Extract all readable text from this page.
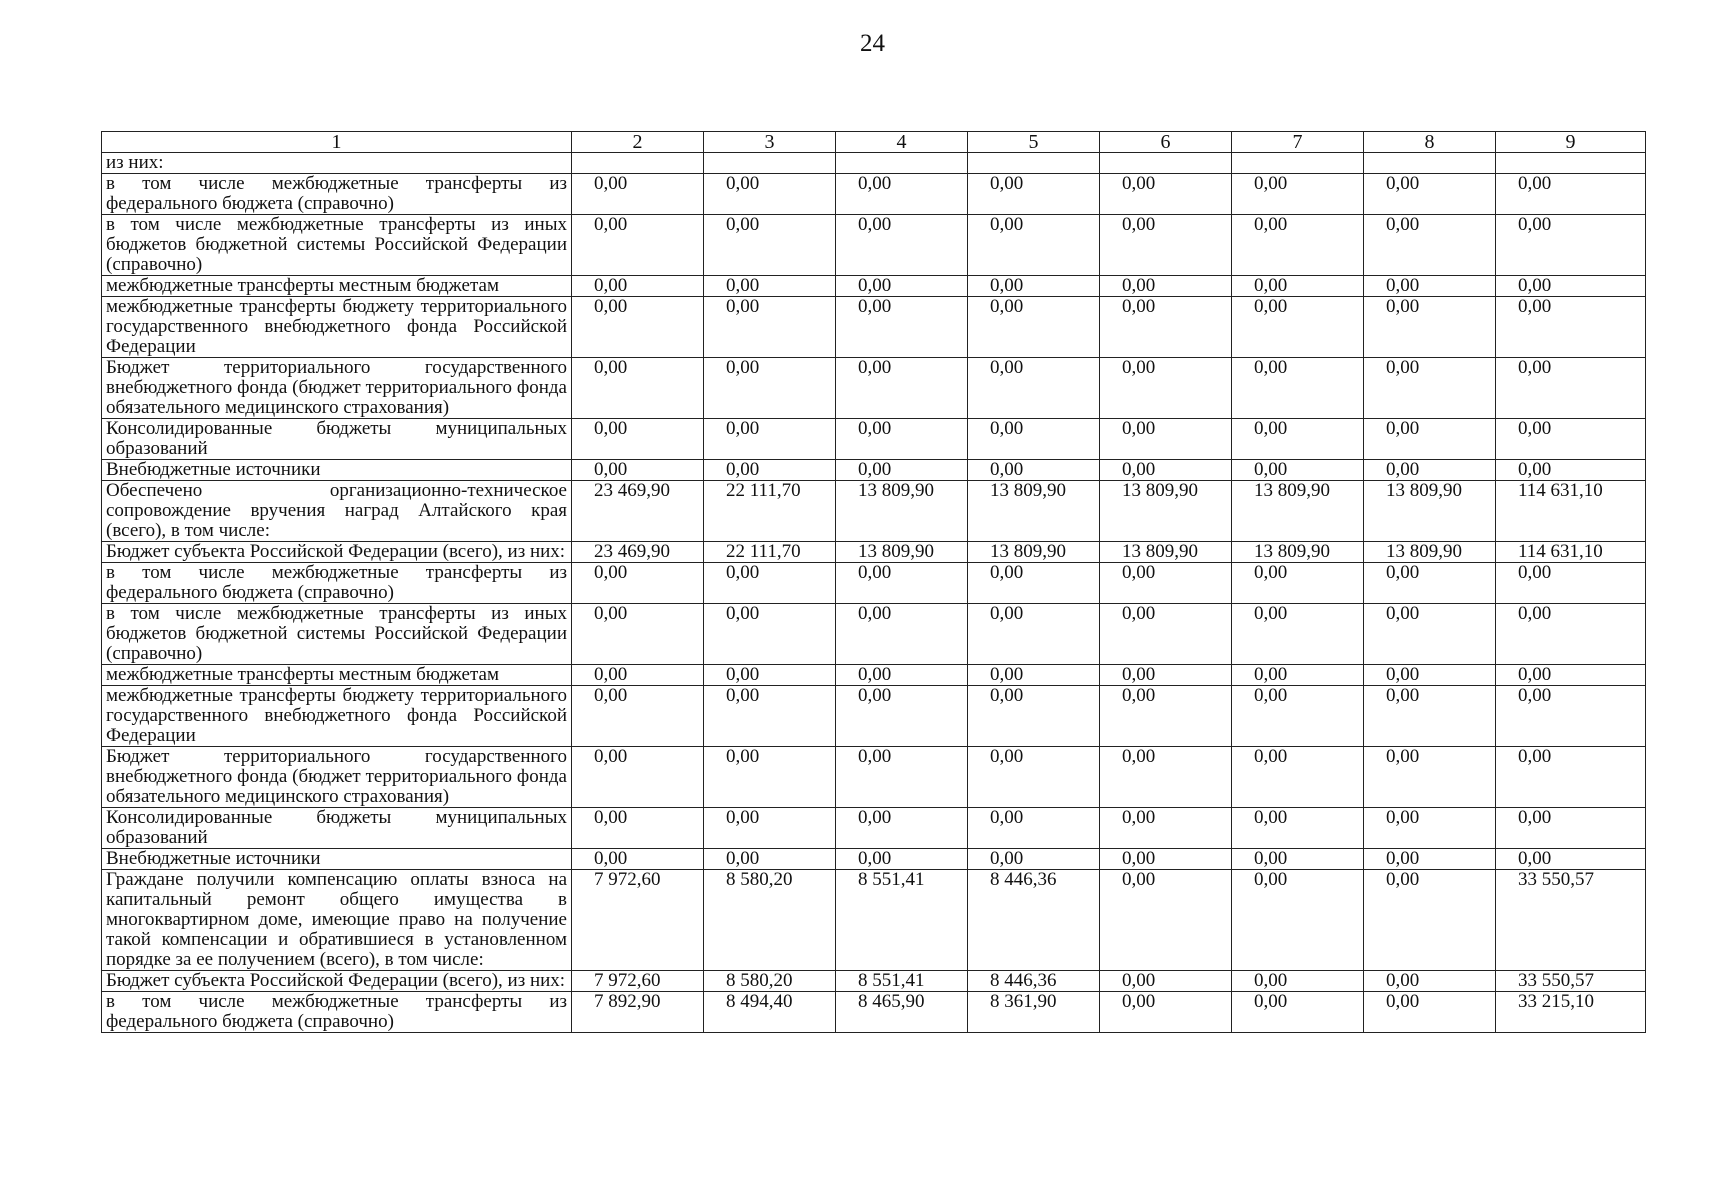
24
1	2	3	4	5	6	7	8	9
из них:								
в том числе межбюджетные трансферты из федерального бюджета (справочно)	0,00	0,00	0,00	0,00	0,00	0,00	0,00	0,00
в том числе межбюджетные трансферты из иных бюджетов бюджетной системы Российской Федерации (справочно)	0,00	0,00	0,00	0,00	0,00	0,00	0,00	0,00
межбюджетные трансферты местным бюджетам	0,00	0,00	0,00	0,00	0,00	0,00	0,00	0,00
межбюджетные трансферты бюджету территориального государственного внебюджетного фонда Российской Федерации	0,00	0,00	0,00	0,00	0,00	0,00	0,00	0,00
Бюджет территориального государственного внебюджетного фонда (бюджет территориального фонда обязательного медицинского страхования)	0,00	0,00	0,00	0,00	0,00	0,00	0,00	0,00
Консолидированные бюджеты муниципальных образований	0,00	0,00	0,00	0,00	0,00	0,00	0,00	0,00
Внебюджетные источники	0,00	0,00	0,00	0,00	0,00	0,00	0,00	0,00
Обеспечено организационно-техническое сопровождение вручения наград Алтайского края (всего), в том числе:	23 469,90	22 111,70	13 809,90	13 809,90	13 809,90	13 809,90	13 809,90	114 631,10
Бюджет субъекта Российской Федерации (всего), из них:	23 469,90	22 111,70	13 809,90	13 809,90	13 809,90	13 809,90	13 809,90	114 631,10
в том числе межбюджетные трансферты из федерального бюджета (справочно)	0,00	0,00	0,00	0,00	0,00	0,00	0,00	0,00
в том числе межбюджетные трансферты из иных бюджетов бюджетной системы Российской Федерации (справочно)	0,00	0,00	0,00	0,00	0,00	0,00	0,00	0,00
межбюджетные трансферты местным бюджетам	0,00	0,00	0,00	0,00	0,00	0,00	0,00	0,00
межбюджетные трансферты бюджету территориального государственного внебюджетного фонда Российской Федерации	0,00	0,00	0,00	0,00	0,00	0,00	0,00	0,00
Бюджет территориального государственного внебюджетного фонда (бюджет территориального фонда обязательного медицинского страхования)	0,00	0,00	0,00	0,00	0,00	0,00	0,00	0,00
Консолидированные бюджеты муниципальных образований	0,00	0,00	0,00	0,00	0,00	0,00	0,00	0,00
Внебюджетные источники	0,00	0,00	0,00	0,00	0,00	0,00	0,00	0,00
Граждане получили компенсацию оплаты взноса на капитальный ремонт общего имущества в многоквартирном доме, имеющие право на получение такой компенсации и обратившиеся в установленном порядке за ее получением (всего), в том числе:	7 972,60	8 580,20	8 551,41	8 446,36	0,00	0,00	0,00	33 550,57
Бюджет субъекта Российской Федерации (всего), из них:	7 972,60	8 580,20	8 551,41	8 446,36	0,00	0,00	0,00	33 550,57
в том числе межбюджетные трансферты из федерального бюджета (справочно)	7 892,90	8 494,40	8 465,90	8 361,90	0,00	0,00	0,00	33 215,10
